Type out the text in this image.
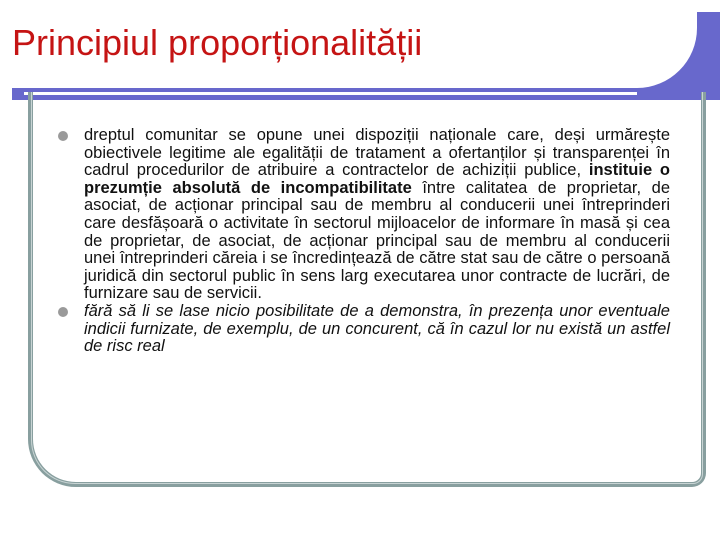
Principiul proporționalității
dreptul comunitar se opune unei dispoziții naționale care, deși urmărește obiectivele legitime ale egalității de tratament a ofertanților și transparenței în cadrul procedurilor de atribuire a contractelor de achiziții publice, instituie o prezumție absolută de incompatibilitate între calitatea de proprietar, de asociat, de acționar principal sau de membru al conducerii unei întreprinderi care desfășoară o activitate în sectorul mijloacelor de informare în masă și cea de proprietar, de asociat, de acționar principal sau de membru al conducerii unei întreprinderi căreia i se încredințează de către stat sau de către o persoană juridică din sectorul public în sens larg executarea unor contracte de lucrări, de furnizare sau de servicii.
fără să li se lase nicio posibilitate de a demonstra, în prezența unor eventuale indicii furnizate, de exemplu, de un concurent, că în cazul lor nu există un astfel de risc real
